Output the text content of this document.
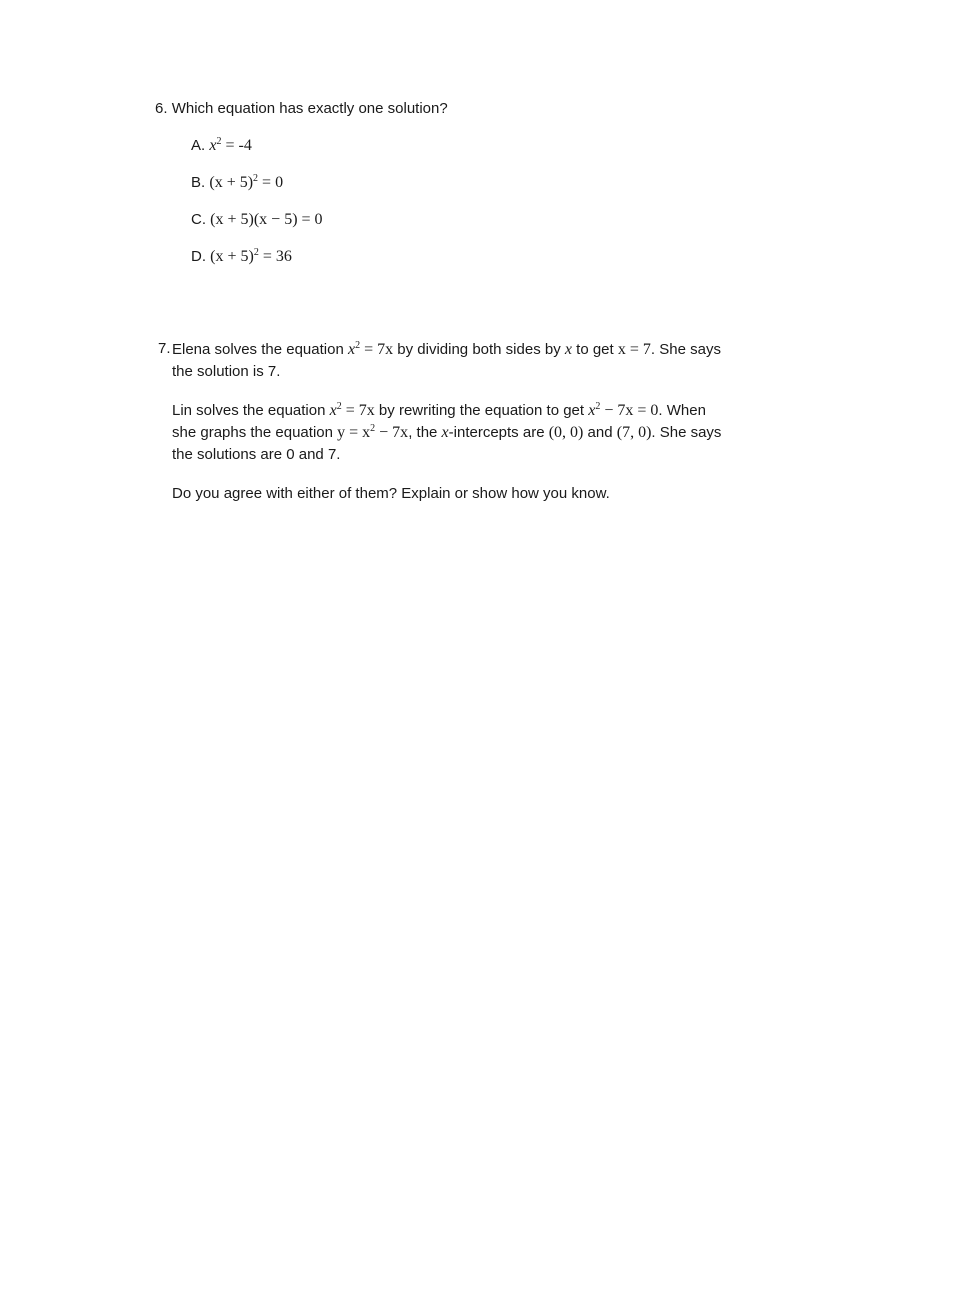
6. Which equation has exactly one solution?
A. $x^2 = -4$
B. $(x + 5)^2 = 0$
C. (x + 5)(x − 5) = 0
D. $(x + 5)^2 = 36$
7. Elena solves the equation $x^2 = 7x$ by dividing both sides by x to get x = 7. She says
the solution is 7.
Lin solves the equation $x^2 = 7x$ by rewriting the equation to get $x^2 - 7x = 0$. When
she graphs the equation $y = x^2 - 7x$, the x-intercepts are (0, 0) and (7, 0). She says
the solutions are 0 and 7.
Do you agree with either of them? Explain or show how you know.
